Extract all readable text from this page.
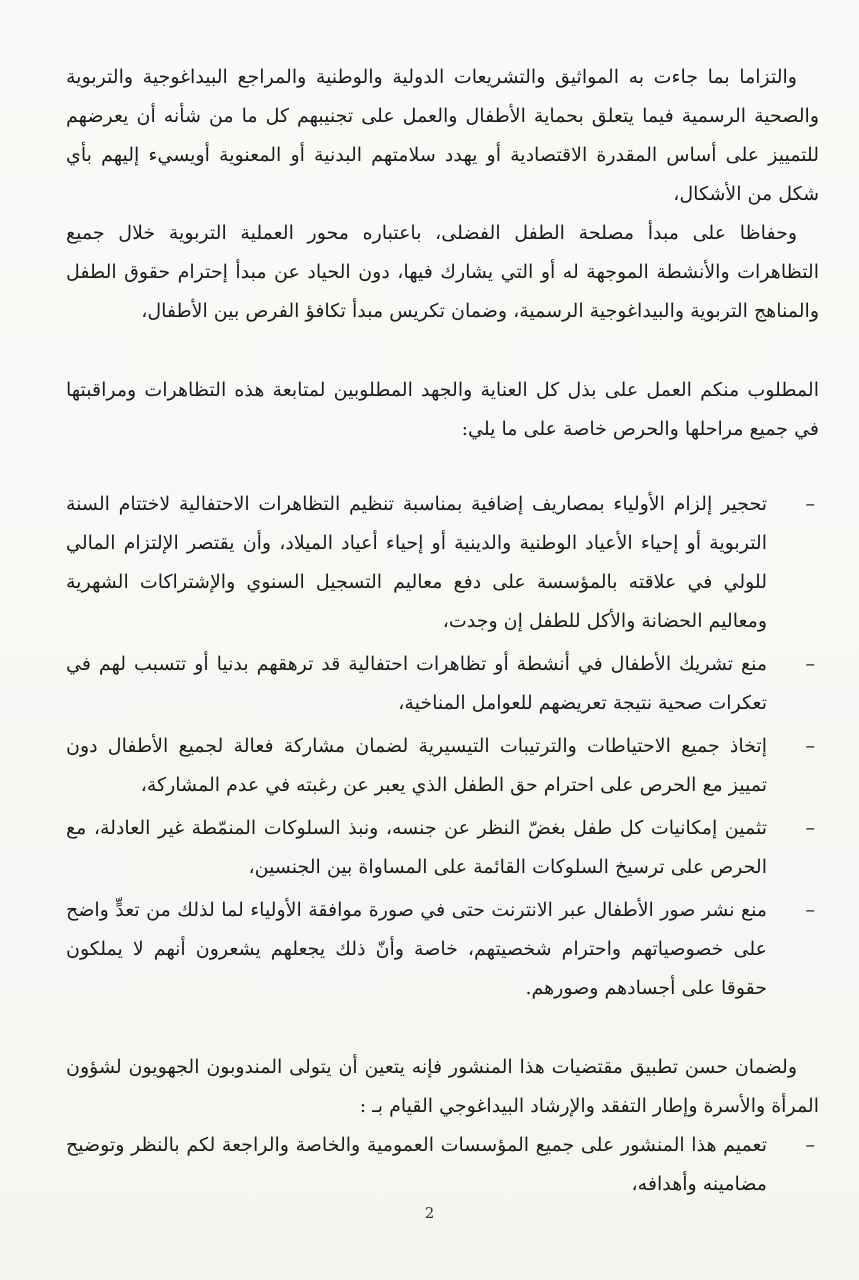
والتزاما بما جاءت به المواثيق والتشريعات الدولية والوطنية والمراجع البيداغوجية والتربوية والصحية الرسمية فيما يتعلق بحماية الأطفال والعمل على تجنيبهم كل ما من شأنه أن يعرضهم للتمييز على أساس المقدرة الاقتصادية أو يهدد سلامتهم البدنية أو المعنوية أويسيء إليهم بأي شكل من الأشكال،

وحفاظا على مبدأ مصلحة الطفل الفضلى، باعتباره محور العملية التربوية خلال جميع التظاهرات والأنشطة الموجهة له أو التي يشارك فيها، دون الحياد عن مبدأ إحترام حقوق الطفل والمناهج التربوية والبيداغوجية الرسمية، وضمان تكريس مبدأ تكافؤ الفرص بين الأطفال،

المطلوب منكم العمل على بذل كل العناية والجهد المطلوبين لمتابعة هذه التظاهرات ومراقبتها في جميع مراحلها والحرص خاصة على ما يلي:

–
تحجير إلزام الأولياء بمصاريف إضافية بمناسبة تنظيم التظاهرات الاحتفالية لاختتام السنة التربوية أو إحياء الأعياد الوطنية والدينية أو إحياء أعياد الميلاد، وأن يقتصر الإلتزام المالي للولي في علاقته بالمؤسسة على دفع معاليم التسجيل السنوي والإشتراكات الشهرية ومعاليم الحضانة والأكل للطفل إن وجدت،
–
منع تشريك الأطفال في أنشطة أو تظاهرات احتفالية قد ترهقهم بدنيا أو تتسبب لهم في تعكرات صحية نتيجة تعريضهم للعوامل المناخية،
–
إتخاذ جميع الاحتياطات والترتيبات التيسيرية لضمان مشاركة فعالة لجميع الأطفال دون تمييز مع الحرص على احترام حق الطفل الذي يعبر عن رغبته في عدم المشاركة،
–
تثمين إمكانيات كل طفل بغضّ النظر عن جنسه، ونبذ السلوكات المنمّطة غير العادلة، مع الحرص على ترسيخ السلوكات القائمة على المساواة بين الجنسين،
–
منع نشر صور الأطفال عبر الانترنت حتى في صورة موافقة الأولياء لما لذلك من تعدٍّ واضح على خصوصياتهم واحترام شخصيتهم، خاصة وأنّ ذلك يجعلهم يشعرون أنهم لا يملكون حقوقا على أجسادهم وصورهم.

ولضمان حسن تطبيق مقتضيات هذا المنشور فإنه يتعين أن يتولى المندوبون الجهويون لشؤون المرأة والأسرة وإطار التفقد والإرشاد البيداغوجي القيام بـ :

–
تعميم هذا المنشور على جميع المؤسسات العمومية والخاصة والراجعة لكم بالنظر وتوضيح مضامينه وأهدافه،
2
